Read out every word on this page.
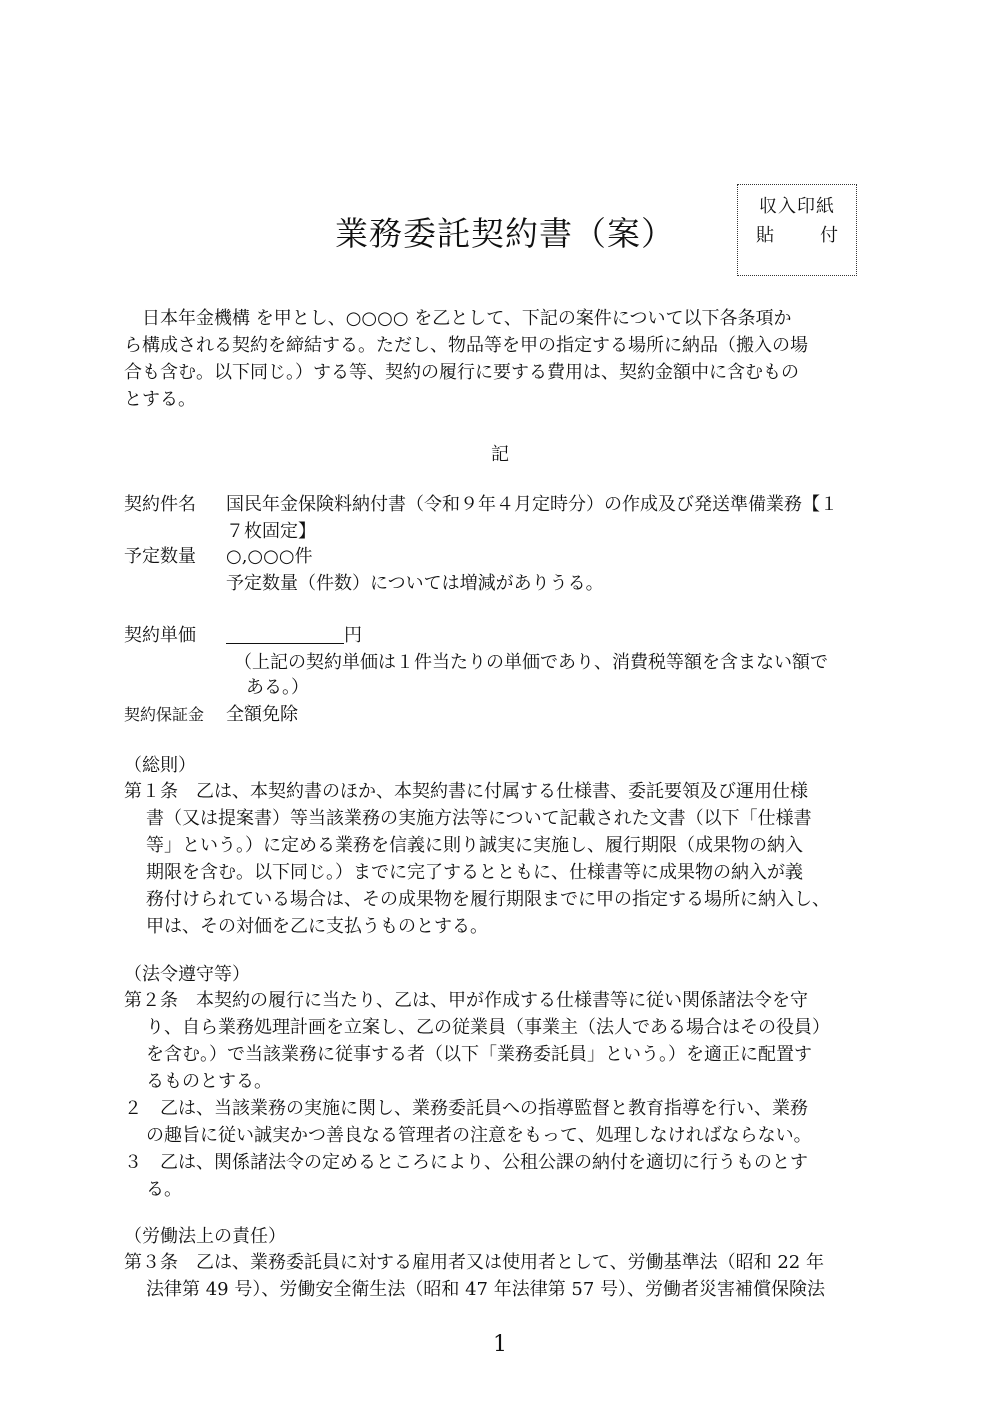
収入印紙
貼	付
業務委託契約書（案）
　日本年金機構 を甲とし、○○○○ を乙として、下記の案件について以下各条項か
ら構成される契約を締結する。ただし、物品等を甲の指定する場所に納品（搬入の場
合も含む。以下同じ。）する等、契約の履行に要する費用は、契約金額中に含むもの
とする。
記
契約件名 国民年金保険料納付書（令和９年４月定時分）の作成及び発送準備業務【１
７枚固定】
予定数量 ○,○○○件
予定数量（件数）については増減がありうる。
契約単価	円
（上記の契約単価は１件当たりの単価であり、消費税等額を含まない額で
ある。）
契約保証金 全額免除
（総則）
第１条　乙は、本契約書のほか、本契約書に付属する仕様書、委託要領及び運用仕様
書（又は提案書）等当該業務の実施方法等について記載された文書（以下「仕様書
等」という。）に定める業務を信義に則り誠実に実施し、履行期限（成果物の納入
期限を含む。以下同じ。）までに完了するとともに、仕様書等に成果物の納入が義
務付けられている場合は、その成果物を履行期限までに甲の指定する場所に納入し、
甲は、その対価を乙に支払うものとする。
（法令遵守等）
第２条　本契約の履行に当たり、乙は、甲が作成する仕様書等に従い関係諸法令を守
り、自ら業務処理計画を立案し、乙の従業員（事業主（法人である場合はその役員）
を含む。）で当該業務に従事する者（以下「業務委託員」という。）を適正に配置す
るものとする。
２　乙は、当該業務の実施に関し、業務委託員への指導監督と教育指導を行い、業務
の趣旨に従い誠実かつ善良なる管理者の注意をもって、処理しなければならない。
３　乙は、関係諸法令の定めるところにより、公租公課の納付を適切に行うものとす
る。
（労働法上の責任）
第３条　乙は、業務委託員に対する雇用者又は使用者として、労働基準法（昭和 22 年
法律第 49 号）、労働安全衛生法（昭和 47 年法律第 57 号）、労働者災害補償保険法
1
